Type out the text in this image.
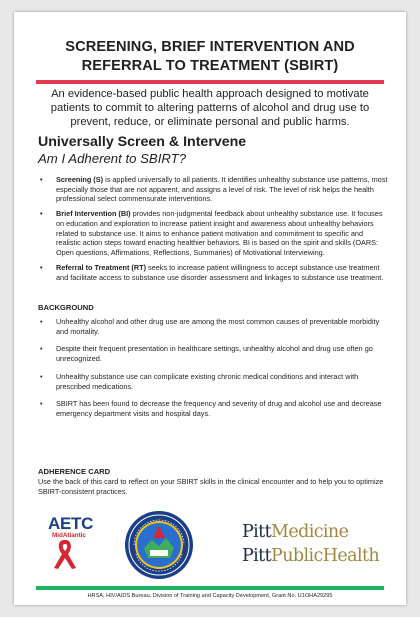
SCREENING, BRIEF INTERVENTION AND
REFERRAL TO TREATMENT (SBIRT)
An evidence-based public health approach designed to motivate patients to commit to altering patterns of alcohol and drug use to prevent, reduce, or eliminate personal and public harms.
Universally Screen & Intervene
Am I Adherent to SBIRT?
• Screening (S) is applied universally to all patients. It identifies unhealthy substance use patterns, most especially those that are not apparent, and assigns a level of risk. The level of risk helps the health professional select commensurate interventions.
• Brief Intervention (BI) provides non-judgmental feedback about unhealthy substance use. It focuses on education and exploration to increase patient insight and awareness about unhealthy behaviors related to substance use. It aims to enhance patient motivation and commitment to specific and realistic action steps toward enacting healthier behaviors. BI is based on the spirit and skills (OARS: Open questions, Affirmations, Reflections, Summaries) of Motivational Interviewing.
• Referral to Treatment (RT) seeks to increase patient willingness to accept substance use treatment and facilitate access to substance use disorder assessment and linkages to substance use treatment.
BACKGROUND
• Unhealthy alcohol and other drug use are among the most common causes of preventable morbidity and mortality.
• Despite their frequent presentation in healthcare settings, unhealthy alcohol and drug use often go unrecognized.
• Unhealthy substance use can complicate existing chronic medical conditions and interact with prescribed medications.
• SBIRT has been found to decrease the frequency and severity of drug and alcohol use and decrease emergency department visits and hospital days.
ADHERENCE CARD
Use the back of this card to reflect on your SBIRT skills in the clinical encounter and to help you to optimize SBIRT-consistent practices.
AETC
MidAtlantic	PittMedicine
PittPublicHealth
HRSA, HIV/AIDS Bureau, Division of Training and Capacity Development, Grant No. U1OHA29295
